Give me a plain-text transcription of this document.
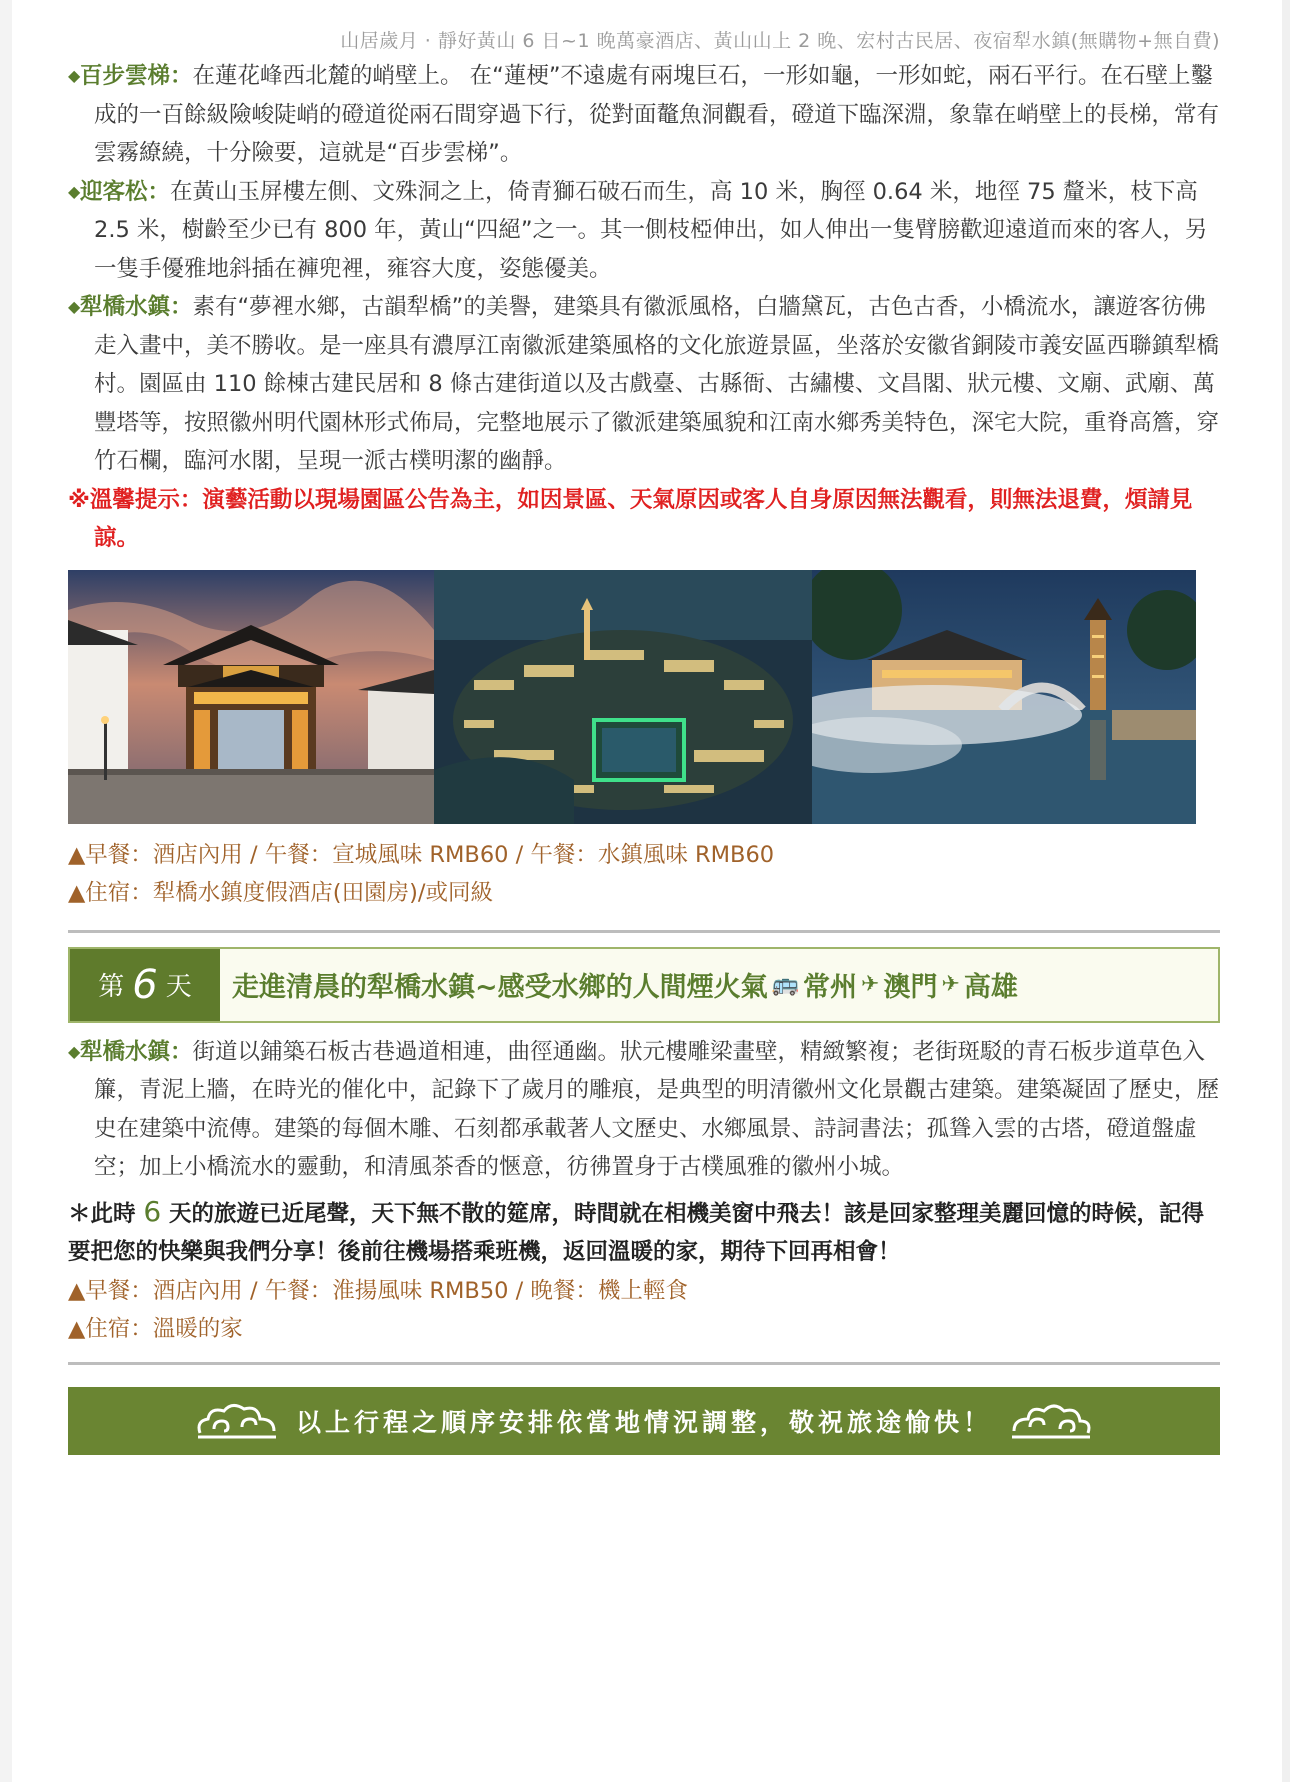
山居歲月 · 靜好黃山 6 日~1 晚萬豪酒店、黃山山上 2 晚、宏村古民居、夜宿犁水鎮(無購物+無自費)

◆百步雲梯：在蓮花峰西北麓的峭壁上。 在“蓮梗”不遠處有兩塊巨石，一形如龜，一形如蛇，兩石平行。在石壁上鑿成的一百餘級險峻陡峭的磴道從兩石間穿過下行，從對面鼇魚洞觀看，磴道下臨深淵，象靠在峭壁上的長梯，常有雲霧繚繞，十分險要，這就是“百步雲梯”。

◆迎客松：在黃山玉屏樓左側、文殊洞之上，倚青獅石破石而生，高 10 米，胸徑 0.64 米，地徑 75 釐米，枝下高 2.5 米，樹齡至少已有 800 年，黃山“四絕”之一。其一側枝椏伸出，如人伸出一隻臂膀歡迎遠道而來的客人，另一隻手優雅地斜插在褲兜裡，雍容大度，姿態優美。

◆犁橋水鎮：素有“夢裡水鄉，古韻犁橋”的美譽，建築具有徽派風格，白牆黛瓦，古色古香，小橋流水，讓遊客彷佛走入畫中，美不勝收。是一座具有濃厚江南徽派建築風格的文化旅遊景區，坐落於安徽省銅陵市義安區西聯鎮犁橋村。園區由 110 餘棟古建民居和 8 條古建街道以及古戲臺、古縣衙、古繡樓、文昌閣、狀元樓、文廟、武廟、萬豐塔等，按照徽州明代園林形式佈局，完整地展示了徽派建築風貌和江南水鄉秀美特色，深宅大院，重脊高簷，穿竹石欄，臨河水閣，呈現一派古樸明潔的幽靜。

※溫馨提示：演藝活動以現場園區公告為主，如因景區、天氣原因或客人自身原因無法觀看，則無法退費，煩請見諒。

▲早餐：酒店內用 / 午餐：宣城風味 RMB60 / 午餐：水鎮風味 RMB60

▲住宿：犁橋水鎮度假酒店(田園房)/或同級

第 6 天 走進清晨的犁橋水鎮~感受水鄉的人間煙火氣 🚌 常州 ✈ 澳門 ✈ 高雄

◆犁橋水鎮：街道以鋪築石板古巷過道相連，曲徑通幽。狀元樓雕梁畫壁，精緻繁複；老街斑駁的青石板步道草色入簾，青泥上牆，在時光的催化中，記錄下了歲月的雕痕，是典型的明清徽州文化景觀古建築。建築凝固了歷史，歷史在建築中流傳。建築的每個木雕、石刻都承載著人文歷史、水鄉風景、詩詞書法；孤聳入雲的古塔，磴道盤虛空；加上小橋流水的靈動，和清風茶香的愜意，彷彿置身于古樸風雅的徽州小城。

＊此時 6 天的旅遊已近尾聲，天下無不散的筵席，時間就在相機美窗中飛去！該是回家整理美麗回憶的時候，記得要把您的快樂與我們分享！後前往機場搭乘班機，返回溫暖的家，期待下回再相會！

▲早餐：酒店內用 / 午餐：淮揚風味 RMB50 / 晚餐：機上輕食

▲住宿：溫暖的家

以上行程之順序安排依當地情況調整，敬祝旅途愉快！
